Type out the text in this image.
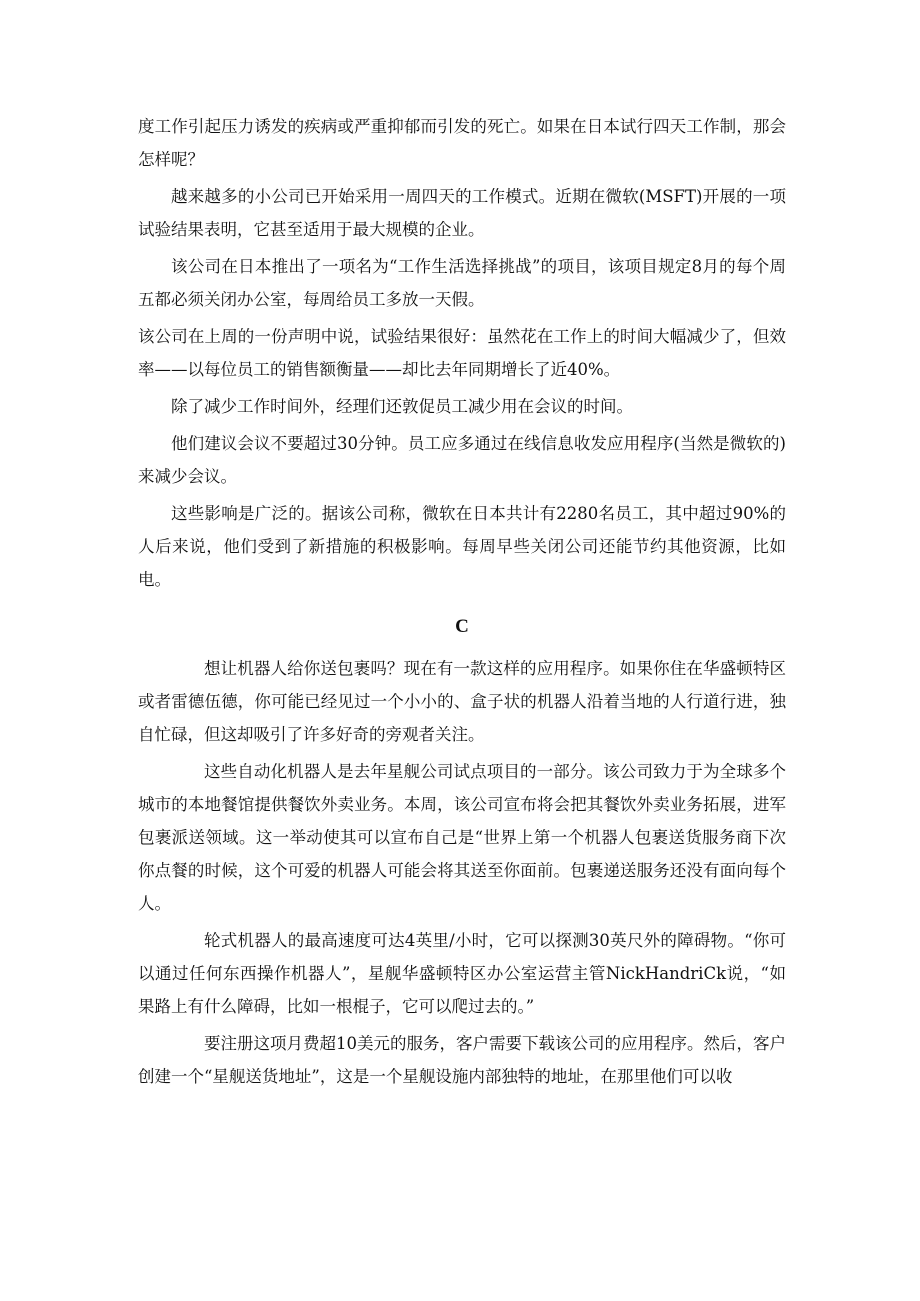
度工作引起压力诱发的疾病或严重抑郁而引发的死亡。如果在日本试行四天工作制，那会怎样呢？

越来越多的小公司已开始采用一周四天的工作模式。近期在微软(MSFT)开展的一项试验结果表明，它甚至适用于最大规模的企业。

该公司在日本推出了一项名为“工作生活选择挑战”的项目，该项目规定8月的每个周五都必须关闭办公室，每周给员工多放一天假。

该公司在上周的一份声明中说，试验结果很好：虽然花在工作上的时间大幅减少了，但效率——以每位员工的销售额衡量——却比去年同期增长了近40%。

除了减少工作时间外，经理们还敦促员工减少用在会议的时间。

他们建议会议不要超过30分钟。员工应多通过在线信息收发应用程序(当然是微软的)来减少会议。

这些影响是广泛的。据该公司称，微软在日本共计有2280名员工，其中超过90%的人后来说，他们受到了新措施的积极影响。每周早些关闭公司还能节约其他资源，比如电。

C

想让机器人给你送包裹吗？现在有一款这样的应用程序。如果你住在华盛顿特区或者雷德伍德，你可能已经见过一个小小的、盒子状的机器人沿着当地的人行道行进，独自忙碌，但这却吸引了许多好奇的旁观者关注。

这些自动化机器人是去年星舰公司试点项目的一部分。该公司致力于为全球多个城市的本地餐馆提供餐饮外卖业务。本周，该公司宣布将会把其餐饮外卖业务拓展，进军包裹派送领域。这一举动使其可以宣布自己是“世界上第一个机器人包裹送货服务商下次你点餐的时候，这个可爱的机器人可能会将其送至你面前。包裹递送服务还没有面向每个人。

轮式机器人的最高速度可达4英里/小时，它可以探测30英尺外的障碍物。“你可以通过任何东西操作机器人”，星舰华盛顿特区办公室运营主管NickHandriCk说，“如果路上有什么障碍，比如一根棍子，它可以爬过去的。”

要注册这项月费超10美元的服务，客户需要下载该公司的应用程序。然后，客户创建一个“星舰送货地址”，这是一个星舰设施内部独特的地址，在那里他们可以收
